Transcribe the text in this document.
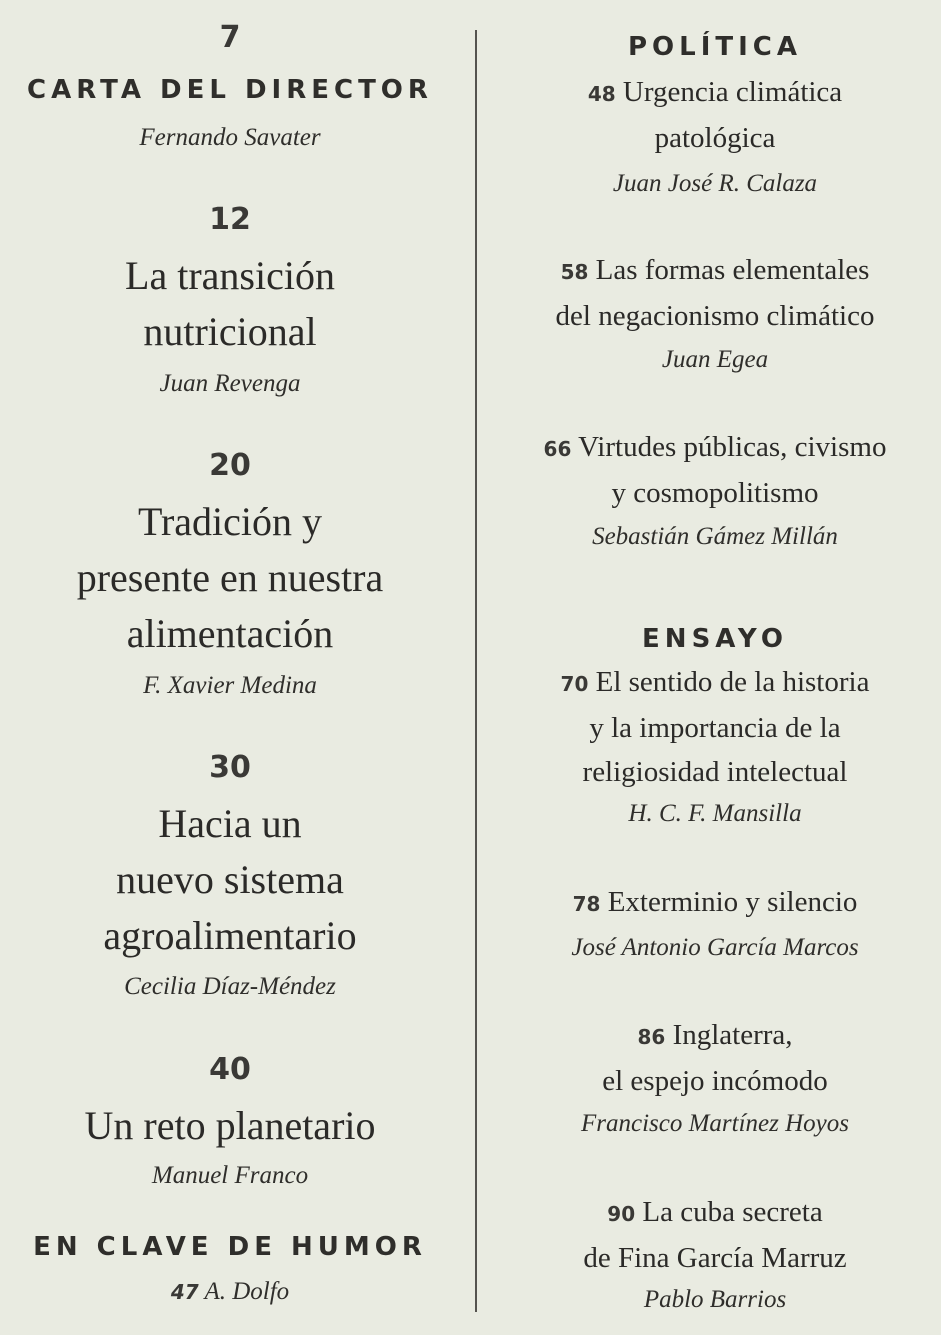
7
CARTA DEL DIRECTOR
Fernando Savater
12
La transición
nutricional
Juan Revenga
20
Tradición y
presente en nuestra
alimentación
F. Xavier Medina
30
Hacia un
nuevo sistema
agroalimentario
Cecilia Díaz-Méndez
40
Un reto planetario
Manuel Franco
EN CLAVE DE HUMOR
47 A. Dolfo
POLÍTICA
48 Urgencia climática
patológica
Juan José R. Calaza
58 Las formas elementales
del negacionismo climático
Juan Egea
66 Virtudes públicas, civismo
y cosmopolitismo
Sebastián Gámez Millán
ENSAYO
70 El sentido de la historia
y la importancia de la
religiosidad intelectual
H. C. F. Mansilla
78 Exterminio y silencio
José Antonio García Marcos
86 Inglaterra,
el espejo incómodo
Francisco Martínez Hoyos
90 La cuba secreta
de Fina García Marruz
Pablo Barrios
